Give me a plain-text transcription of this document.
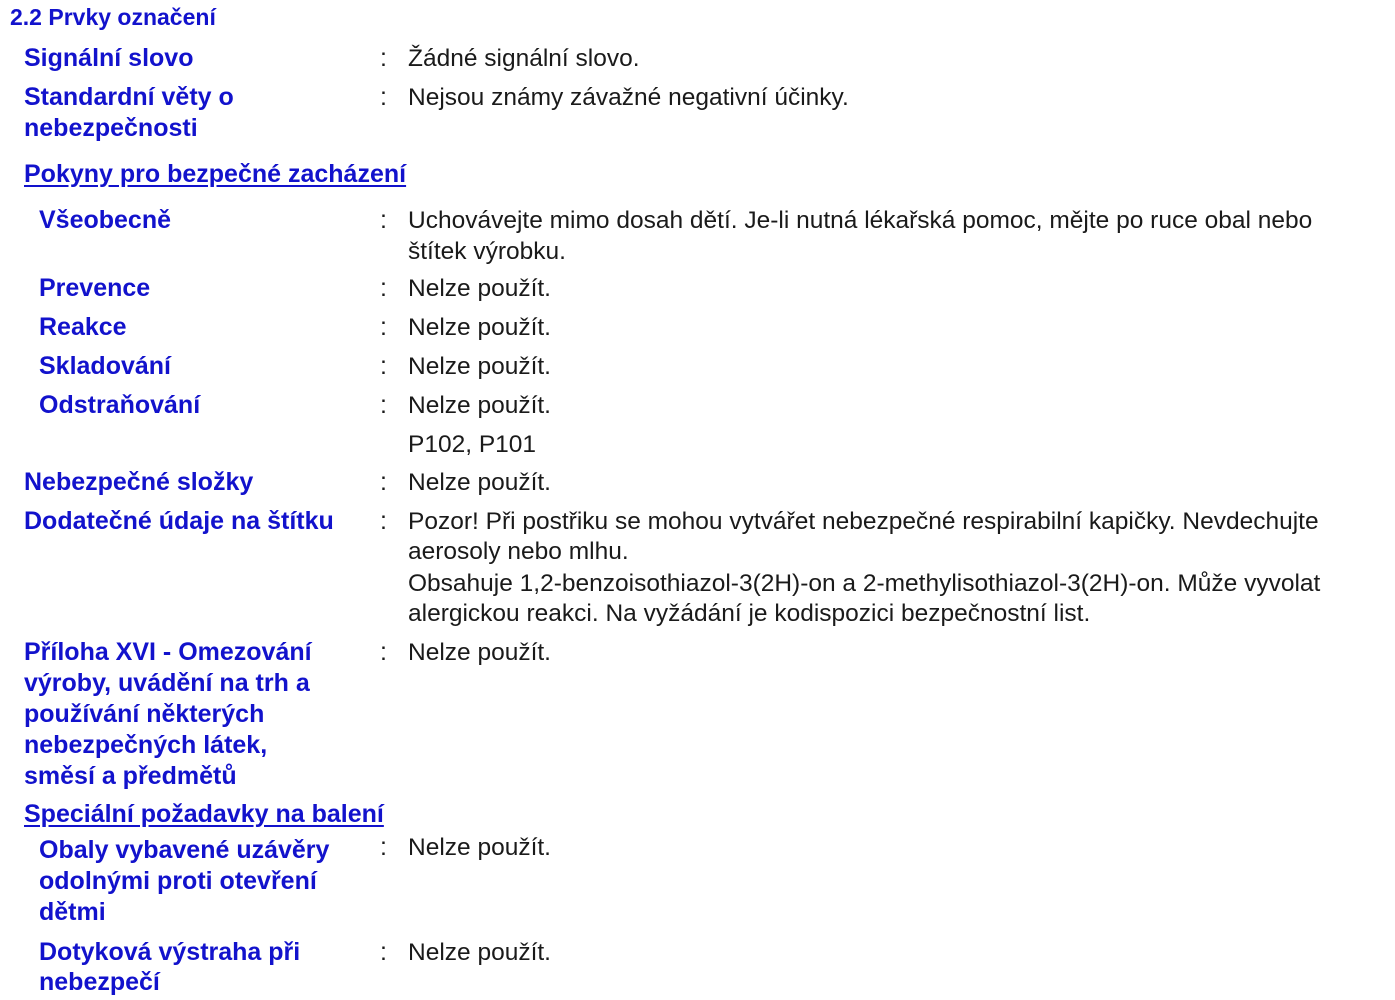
2.2 Prvky označení
Signální slovo	: Žádné signální slovo.
Standardní věty o
nebezpečnosti
: Nejsou známy závažné negativní účinky.
Pokyny pro bezpečné zacházení
Všeobecně	: Uchovávejte mimo dosah dětí. Je-li nutná lékařská pomoc, mějte po ruce obal nebo
štítek výrobku.
Prevence	: Nelze použít.
Reakce	: Nelze použít.
Skladování	: Nelze použít.
Odstraňování	: Nelze použít.
P102, P101
Nebezpečné složky	: Nelze použít.
Dodatečné údaje na štítku : Pozor! Při postřiku se mohou vytvářet nebezpečné respirabilní kapičky. Nevdechujte
aerosoly nebo mlhu.
Obsahuje 1,2-benzoisothiazol-3(2H)-on a 2-methylisothiazol-3(2H)-on. Může vyvolat
alergickou reakci. Na vyžádání je kodispozici bezpečnostní list.
Příloha XVI - Omezování
výroby, uvádění na trh a
používání některých
nebezpečných látek,
směsí a předmětů
: Nelze použít.
Speciální požadavky na balení
Obaly vybavené uzávěry
odolnými proti otevření
dětmi
: Nelze použít.
Dotyková výstraha při
nebezpečí
: Nelze použít.
